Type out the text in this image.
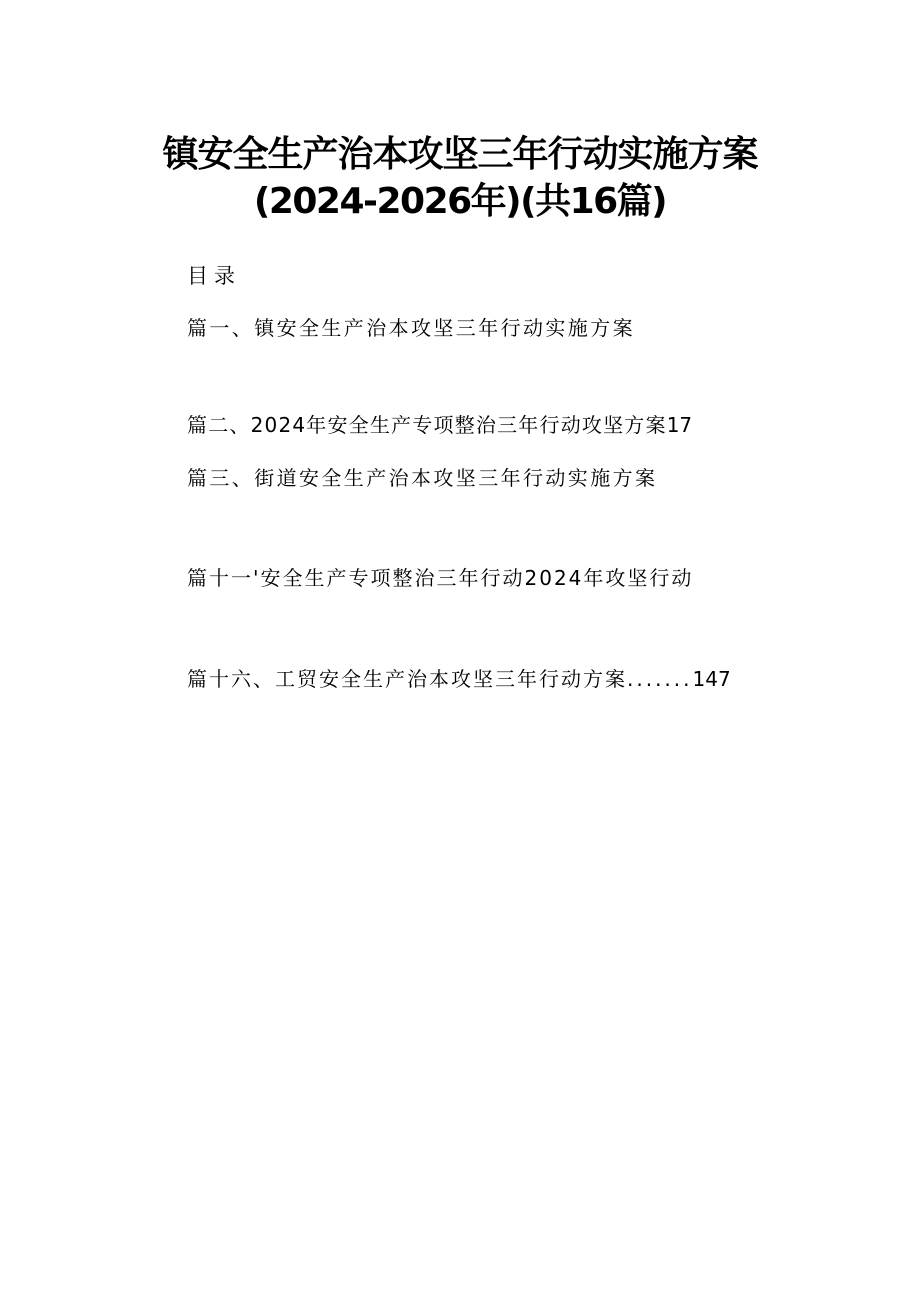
镇安全生产治本攻坚三年行动实施方案
(2024-2026年)(共16篇)
目录
篇一、镇安全生产治本攻坚三年行动实施方案
篇二、2024年安全生产专项整治三年行动攻坚方案17
篇三、街道安全生产治本攻坚三年行动实施方案
篇十一'安全生产专项整治三年行动2024年攻坚行动
篇十六、工贸安全生产治本攻坚三年行动方案.......147
